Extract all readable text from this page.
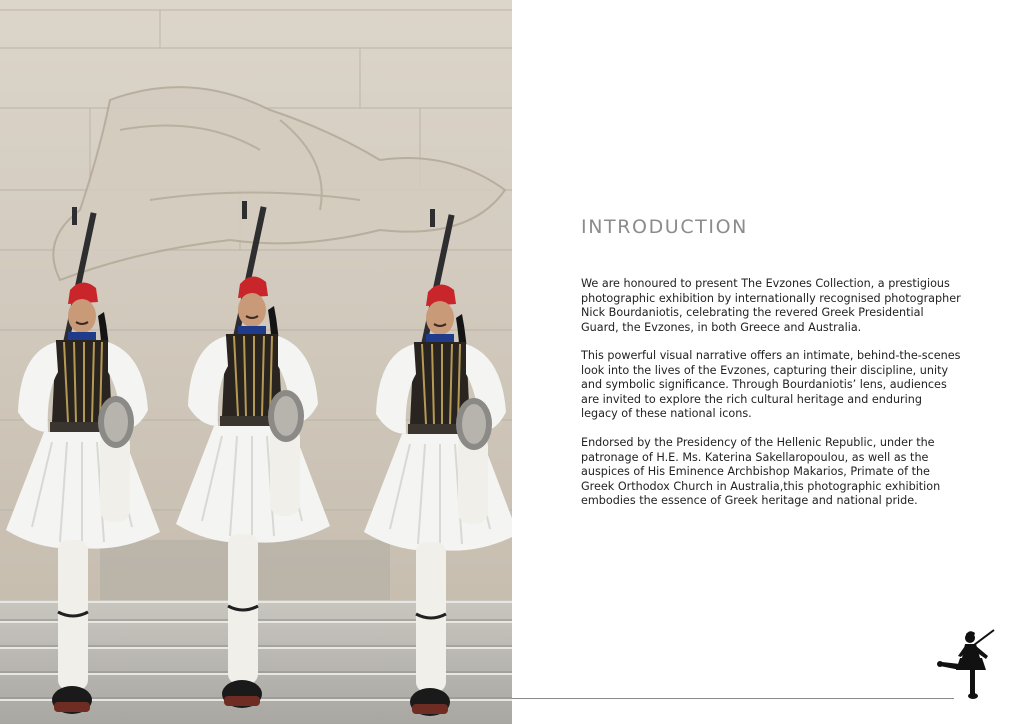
INTRODUCTION

We are honoured to present The Evzones Collection, a prestigious photographic exhibition by internationally recognised photographer Nick Bourdaniotis, celebrating the revered Greek Presidential Guard, the Evzones, in both Greece and Australia.

This powerful visual narrative offers an intimate, behind-the-scenes look into the lives of the Evzones, capturing their discipline, unity and symbolic significance. Through Bourdaniotis’ lens, audiences are invited to explore the rich cultural heritage and enduring legacy of these national icons.

Endorsed by the Presidency of the Hellenic Republic, under the patronage of H.E. Ms. Katerina Sakellaropoulou, as well as the auspices of His Eminence Archbishop Makarios, Primate of the Greek Orthodox Church in Australia,this photographic exhibition embodies the essence of Greek heritage and national pride.
